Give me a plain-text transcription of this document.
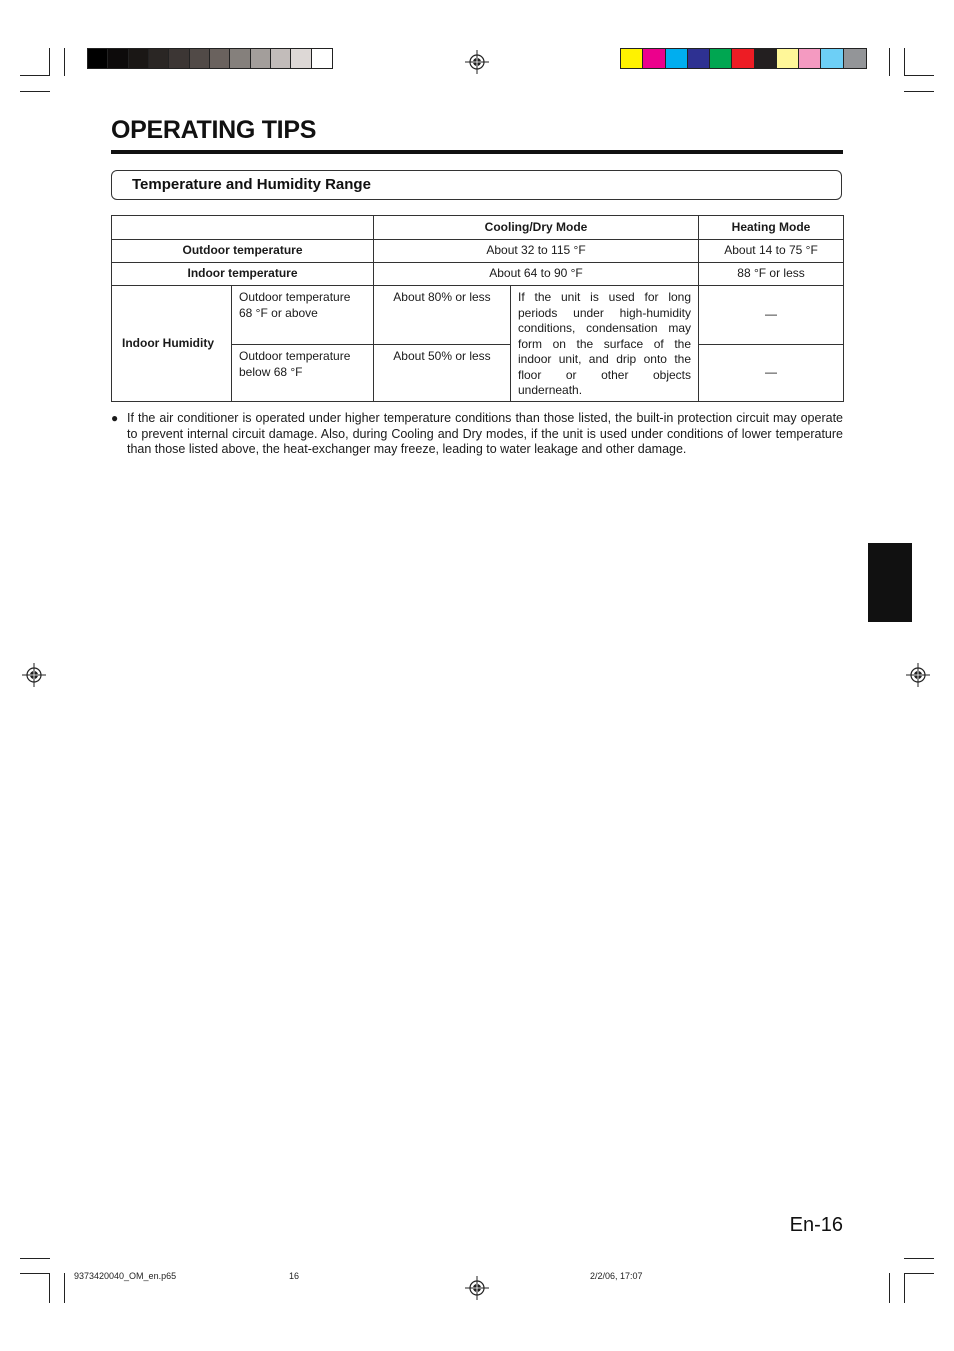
OPERATING TIPS
Temperature and Humidity Range
		Cooling/Dry Mode		Heating Mode
Outdoor temperature		About 32 to 115 °F		About 14 to 75 °F
Indoor temperature		About 64 to 90 °F		88 °F or less
Indoor Humidity	Outdoor temperature 68 °F or above	About 80% or less	If the unit is used for long periods under high-humidity conditions, condensation may form on the surface of the indoor unit, and drip onto the floor or other objects underneath.	—
	Outdoor temperature below 68 °F	About 50% or less		—
● If the air conditioner is operated under higher temperature conditions than those listed, the built-in protection circuit may operate to prevent internal circuit damage. Also, during Cooling and Dry modes, if the unit is used under conditions of lower temperature than those listed above, the heat-exchanger may freeze, leading to water leakage and other damage.
En-16
9373420040_OM_en.p65	16	2/2/06, 17:07
